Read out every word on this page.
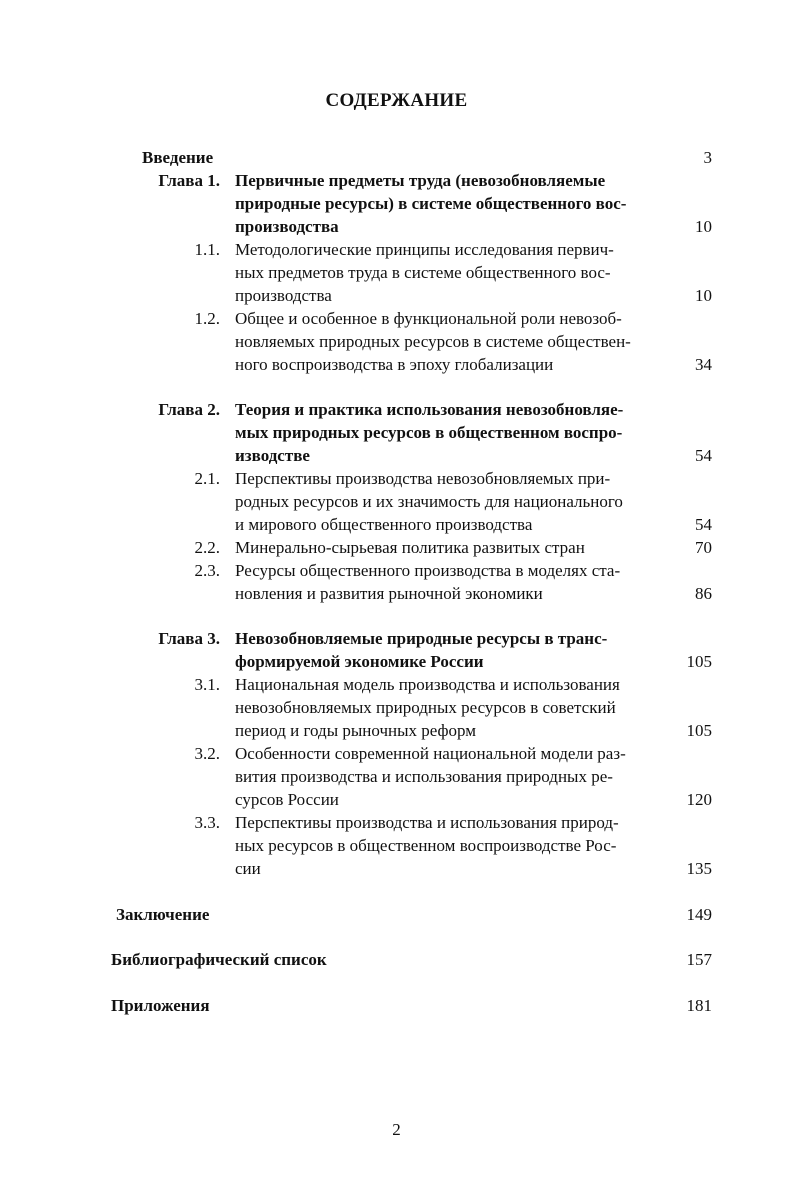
СОДЕРЖАНИЕ
Введение	3
Глава 1. Первичные предметы труда (невозобновляемые
природные ресурсы) в системе общественного вос-
производства	10
1.1. Методологические принципы исследования первич-
ных предметов труда в системе общественного вос-
производства	10
1.2. Общее и особенное в функциональной роли невозоб-
новляемых природных ресурсов в системе обществен-
ного воспроизводства в эпоху глобализации	34
Глава 2. Теория и практика использования невозобновляе-
мых природных ресурсов в общественном воспро-
изводстве	54
2.1. Перспективы производства невозобновляемых при-
родных ресурсов и их значимость для национального
и мирового общественного производства	54
2.2. Минерально-сырьевая политика развитых стран	70
2.3. Ресурсы общественного производства в моделях ста-
новления и развития рыночной экономики	86
Глава 3. Невозобновляемые природные ресурсы в транс-
формируемой экономике России	105
3.1. Национальная модель производства и использования
невозобновляемых природных ресурсов в советский
период и годы рыночных реформ	105
3.2. Особенности современной национальной модели раз-
вития производства и использования природных ре-
сурсов России	120
3.3. Перспективы производства и использования природ-
ных ресурсов в общественном воспроизводстве Рос-
сии	135
Заключение	149
Библиографический список	157
Приложения	181
2
